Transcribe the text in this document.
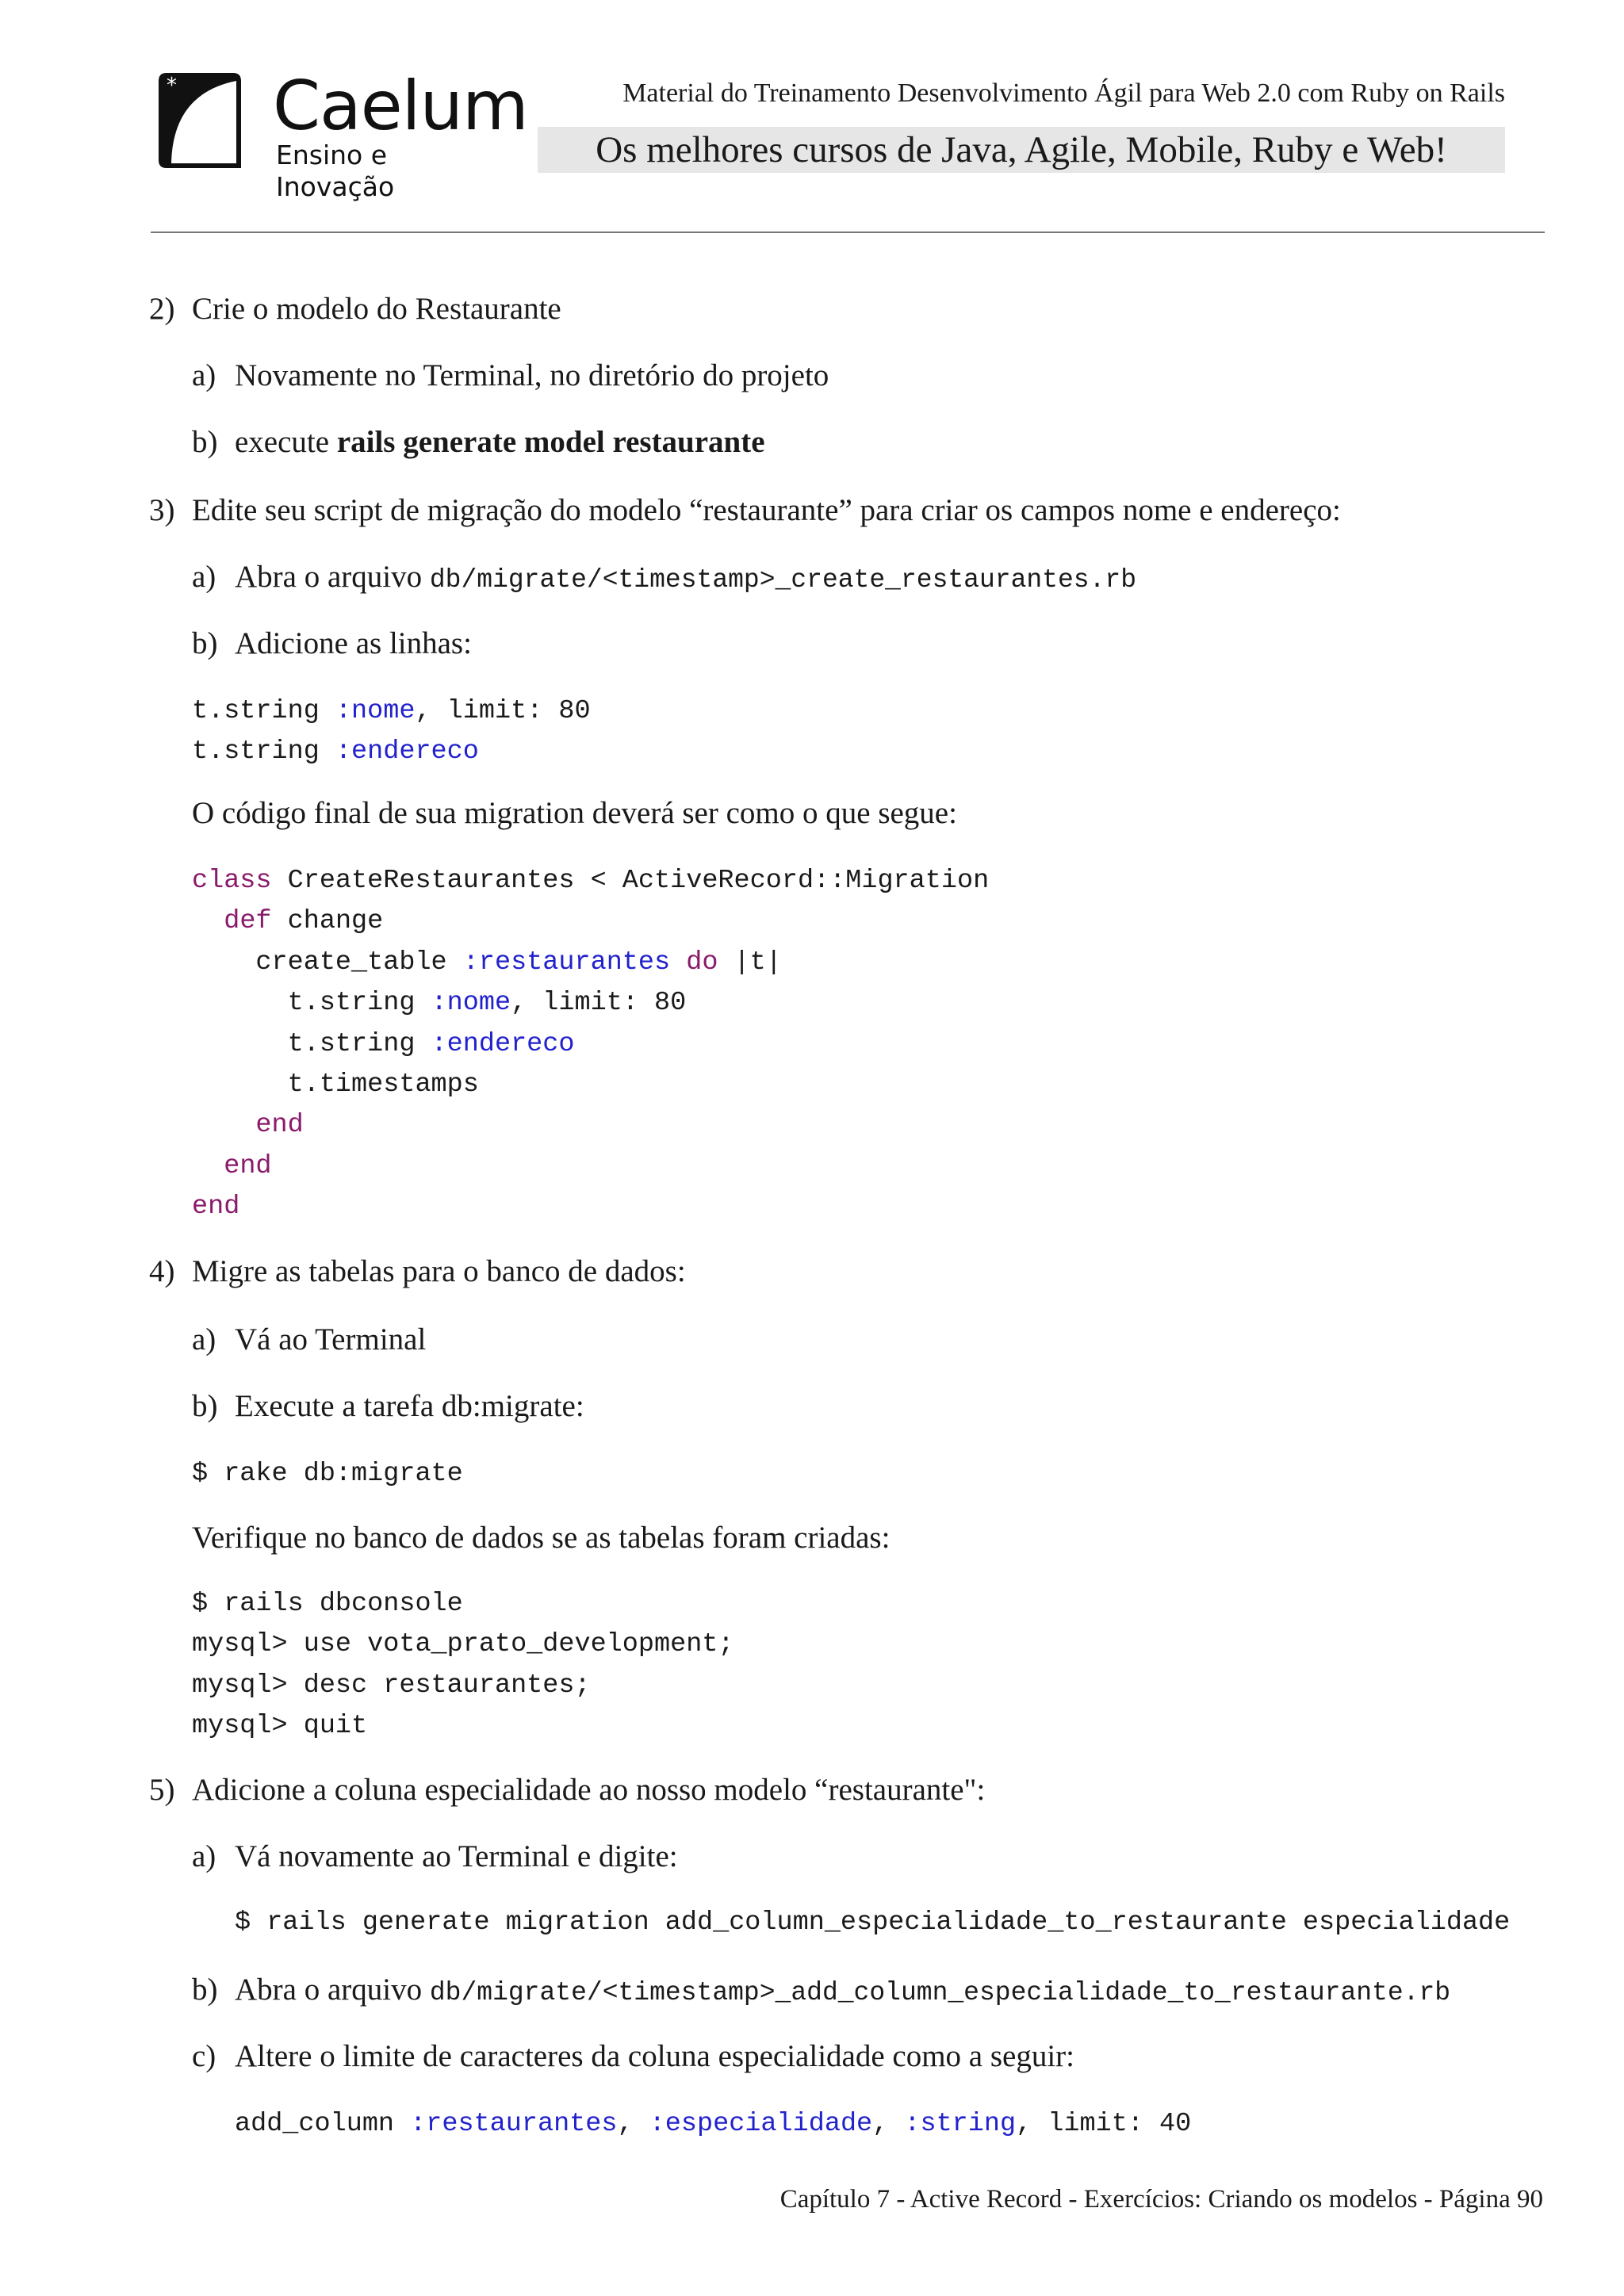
* Caelum
Ensino e Inovação
Material do Treinamento Desenvolvimento Ágil para Web 2.0 com Ruby on Rails
Os melhores cursos de Java, Agile, Mobile, Ruby e Web!
2) Crie o modelo do Restaurante
a) Novamente no Terminal, no diretório do projeto
b) execute rails generate model restaurante
3) Edite seu script de migração do modelo “restaurante” para criar os campos nome e endereço:
a) Abra o arquivo db/migrate/<timestamp>_create_restaurantes.rb
b) Adicione as linhas:
t.string :nome, limit: 80
t.string :endereco
O código final de sua migration deverá ser como o que segue:
class CreateRestaurantes < ActiveRecord::Migration
def change
create_table :restaurantes do |t|
t.string :nome, limit: 80
t.string :endereco
t.timestamps
end
end
end
4) Migre as tabelas para o banco de dados:
a) Vá ao Terminal
b) Execute a tarefa db:migrate:
$ rake db:migrate
Verifique no banco de dados se as tabelas foram criadas:
$ rails dbconsole
mysql> use vota_prato_development;
mysql> desc restaurantes;
mysql> quit
5) Adicione a coluna especialidade ao nosso modelo “restaurante":
a) Vá novamente ao Terminal e digite:
$ rails generate migration add_column_especialidade_to_restaurante especialidade
b) Abra o arquivo db/migrate/<timestamp>_add_column_especialidade_to_restaurante.rb
c) Altere o limite de caracteres da coluna especialidade como a seguir:
add_column :restaurantes, :especialidade, :string, limit: 40
Capítulo 7 - Active Record - Exercícios: Criando os modelos - Página 90
